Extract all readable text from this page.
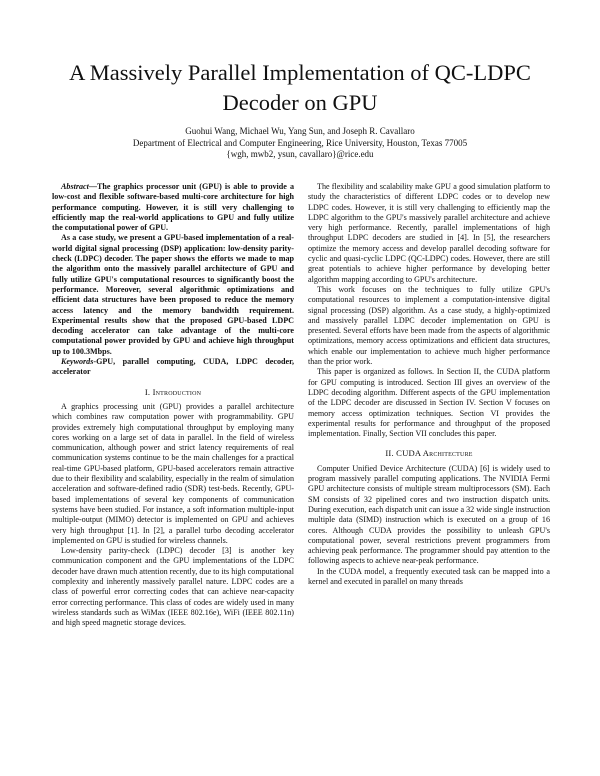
A Massively Parallel Implementation of QC-LDPC Decoder on GPU
Guohui Wang, Michael Wu, Yang Sun, and Joseph R. Cavallaro
Department of Electrical and Computer Engineering, Rice University, Houston, Texas 77005
{wgh, mwb2, ysun, cavallaro}@rice.edu

Abstract—The graphics processor unit (GPU) is able to provide a low-cost and flexible software-based multi-core architecture for high performance computing. However, it is still very challenging to efficiently map the real-world applications to GPU and fully utilize the computational power of GPU.

As a case study, we present a GPU-based implementation of a real-world digital signal processing (DSP) application: low-density parity-check (LDPC) decoder. The paper shows the efforts we made to map the algorithm onto the massively parallel architecture of GPU and fully utilize GPU's computational resources to significantly boost the performance. Moreover, several algorithmic optimizations and efficient data structures have been proposed to reduce the memory access latency and the memory bandwidth requirement. Experimental results show that the proposed GPU-based LDPC decoding accelerator can take advantage of the multi-core computational power provided by GPU and achieve high throughput up to 100.3Mbps.

Keywords-GPU, parallel computing, CUDA, LDPC decoder, accelerator

I. Introduction

A graphics processing unit (GPU) provides a parallel architecture which combines raw computation power with programmability. GPU provides extremely high computational throughput by employing many cores working on a large set of data in parallel. In the field of wireless communication, although power and strict latency requirements of real communication systems continue to be the main challenges for a practical real-time GPU-based platform, GPU-based accelerators remain attractive due to their flexibility and scalability, especially in the realm of simulation acceleration and software-defined radio (SDR) test-beds. Recently, GPU-based implementations of several key components of communication systems have been studied. For instance, a soft information multiple-input multiple-output (MIMO) detector is implemented on GPU and achieves very high throughput [1]. In [2], a parallel turbo decoding accelerator implemented on GPU is studied for wireless channels.

Low-density parity-check (LDPC) decoder [3] is another key communication component and the GPU implementations of the LDPC decoder have drawn much attention recently, due to its high computational complexity and inherently massively parallel nature. LDPC codes are a class of powerful error correcting codes that can achieve near-capacity error correcting performance. This class of codes are widely used in many wireless standards such as WiMax (IEEE 802.16e), WiFi (IEEE 802.11n) and high speed magnetic storage devices.

The flexibility and scalability make GPU a good simulation platform to study the characteristics of different LDPC codes or to develop new LDPC codes. However, it is still very challenging to efficiently map the LDPC algorithm to the GPU's massively parallel architecture and achieve very high performance. Recently, parallel implementations of high throughput LDPC decoders are studied in [4]. In [5], the researchers optimize the memory access and develop parallel decoding software for cyclic and quasi-cyclic LDPC (QC-LDPC) codes. However, there are still great potentials to achieve higher performance by developing better algorithm mapping according to GPU's architecture.

This work focuses on the techniques to fully utilize GPU's computational resources to implement a computation-intensive digital signal processing (DSP) algorithm. As a case study, a highly-optimized and massively parallel LDPC decoder implementation on GPU is presented. Several efforts have been made from the aspects of algorithmic optimizations, memory access optimizations and efficient data structures, which enable our implementation to achieve much higher performance than the prior work.

This paper is organized as follows. In Section II, the CUDA platform for GPU computing is introduced. Section III gives an overview of the LDPC decoding algorithm. Different aspects of the GPU implementation of the LDPC decoder are discussed in Section IV. Section V focuses on memory access optimization techniques. Section VI provides the experimental results for performance and throughput of the proposed implementation. Finally, Section VII concludes this paper.

II. CUDA Architecture

Computer Unified Device Architecture (CUDA) [6] is widely used to program massively parallel computing applications. The NVIDIA Fermi GPU architecture consists of multiple stream multiprocessors (SM). Each SM consists of 32 pipelined cores and two instruction dispatch units. During execution, each dispatch unit can issue a 32 wide single instruction multiple data (SIMD) instruction which is executed on a group of 16 cores. Although CUDA provides the possibility to unleash GPU's computational power, several restrictions prevent programmers from achieving peak performance. The programmer should pay attention to the following aspects to achieve near-peak performance.

In the CUDA model, a frequently executed task can be mapped into a kernel and executed in parallel on many threads
